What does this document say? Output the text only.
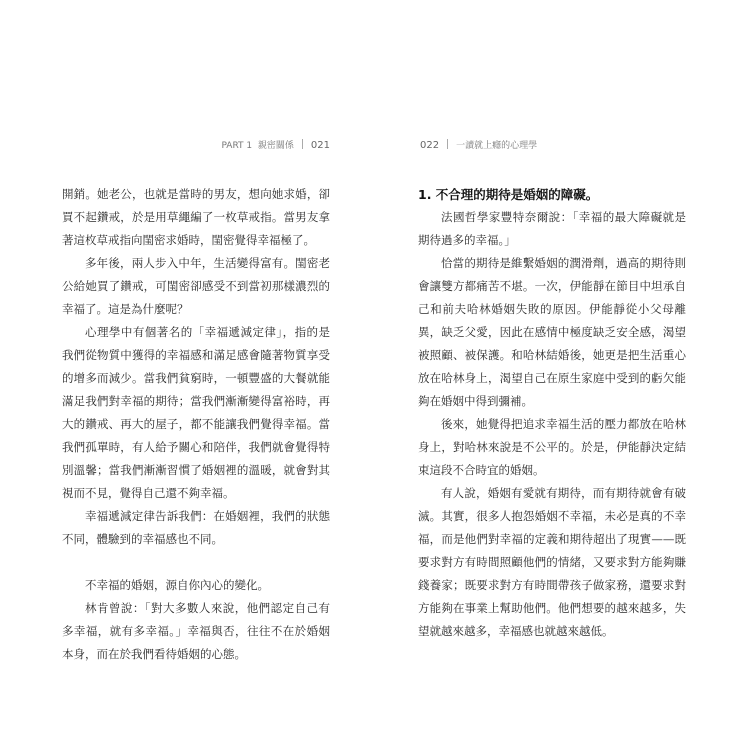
PART 1 親密關係 021

開銷。她老公，也就是當時的男友，想向她求婚，卻買不起鑽戒，於是用草繩編了一枚草戒指。當男友拿著這枚草戒指向閨密求婚時，閨密覺得幸福極了。

多年後，兩人步入中年，生活變得富有。閨密老公給她買了鑽戒，可閨密卻感受不到當初那樣濃烈的幸福了。這是為什麼呢？

心理學中有個著名的「幸福遞減定律」，指的是我們從物質中獲得的幸福感和滿足感會隨著物質享受的增多而減少。當我們貧窮時，一頓豐盛的大餐就能滿足我們對幸福的期待；當我們漸漸變得富裕時，再大的鑽戒、再大的屋子，都不能讓我們覺得幸福。當我們孤單時，有人給予關心和陪伴，我們就會覺得特別溫馨；當我們漸漸習慣了婚姻裡的溫暖，就會對其視而不見，覺得自己還不夠幸福。

幸福遞減定律告訴我們：在婚姻裡，我們的狀態不同，體驗到的幸福感也不同。

不幸福的婚姻，源自你內心的變化。

林肯曾說：「對大多數人來說，他們認定自己有多幸福，就有多幸福。」幸福與否，往往不在於婚姻本身，而在於我們看待婚姻的心態。

022 一讀就上癮的心理學
1. 不合理的期待是婚姻的障礙。

法國哲學家豐特奈爾說：「幸福的最大障礙就是期待過多的幸福。」

恰當的期待是維繫婚姻的潤滑劑，過高的期待則會讓雙方都痛苦不堪。一次，伊能靜在節目中坦承自己和前夫哈林婚姻失敗的原因。伊能靜從小父母離異，缺乏父愛，因此在感情中極度缺乏安全感，渴望被照顧、被保護。和哈林結婚後，她更是把生活重心放在哈林身上，渴望自己在原生家庭中受到的虧欠能夠在婚姻中得到彌補。

後來，她覺得把追求幸福生活的壓力都放在哈林身上，對哈林來說是不公平的。於是，伊能靜決定結束這段不合時宜的婚姻。

有人說，婚姻有愛就有期待，而有期待就會有破滅。其實，很多人抱怨婚姻不幸福，未必是真的不幸福，而是他們對幸福的定義和期待超出了現實——既要求對方有時間照顧他們的情緒，又要求對方能夠賺錢養家；既要求對方有時間帶孩子做家務，還要求對方能夠在事業上幫助他們。他們想要的越來越多，失望就越來越多，幸福感也就越來越低。
